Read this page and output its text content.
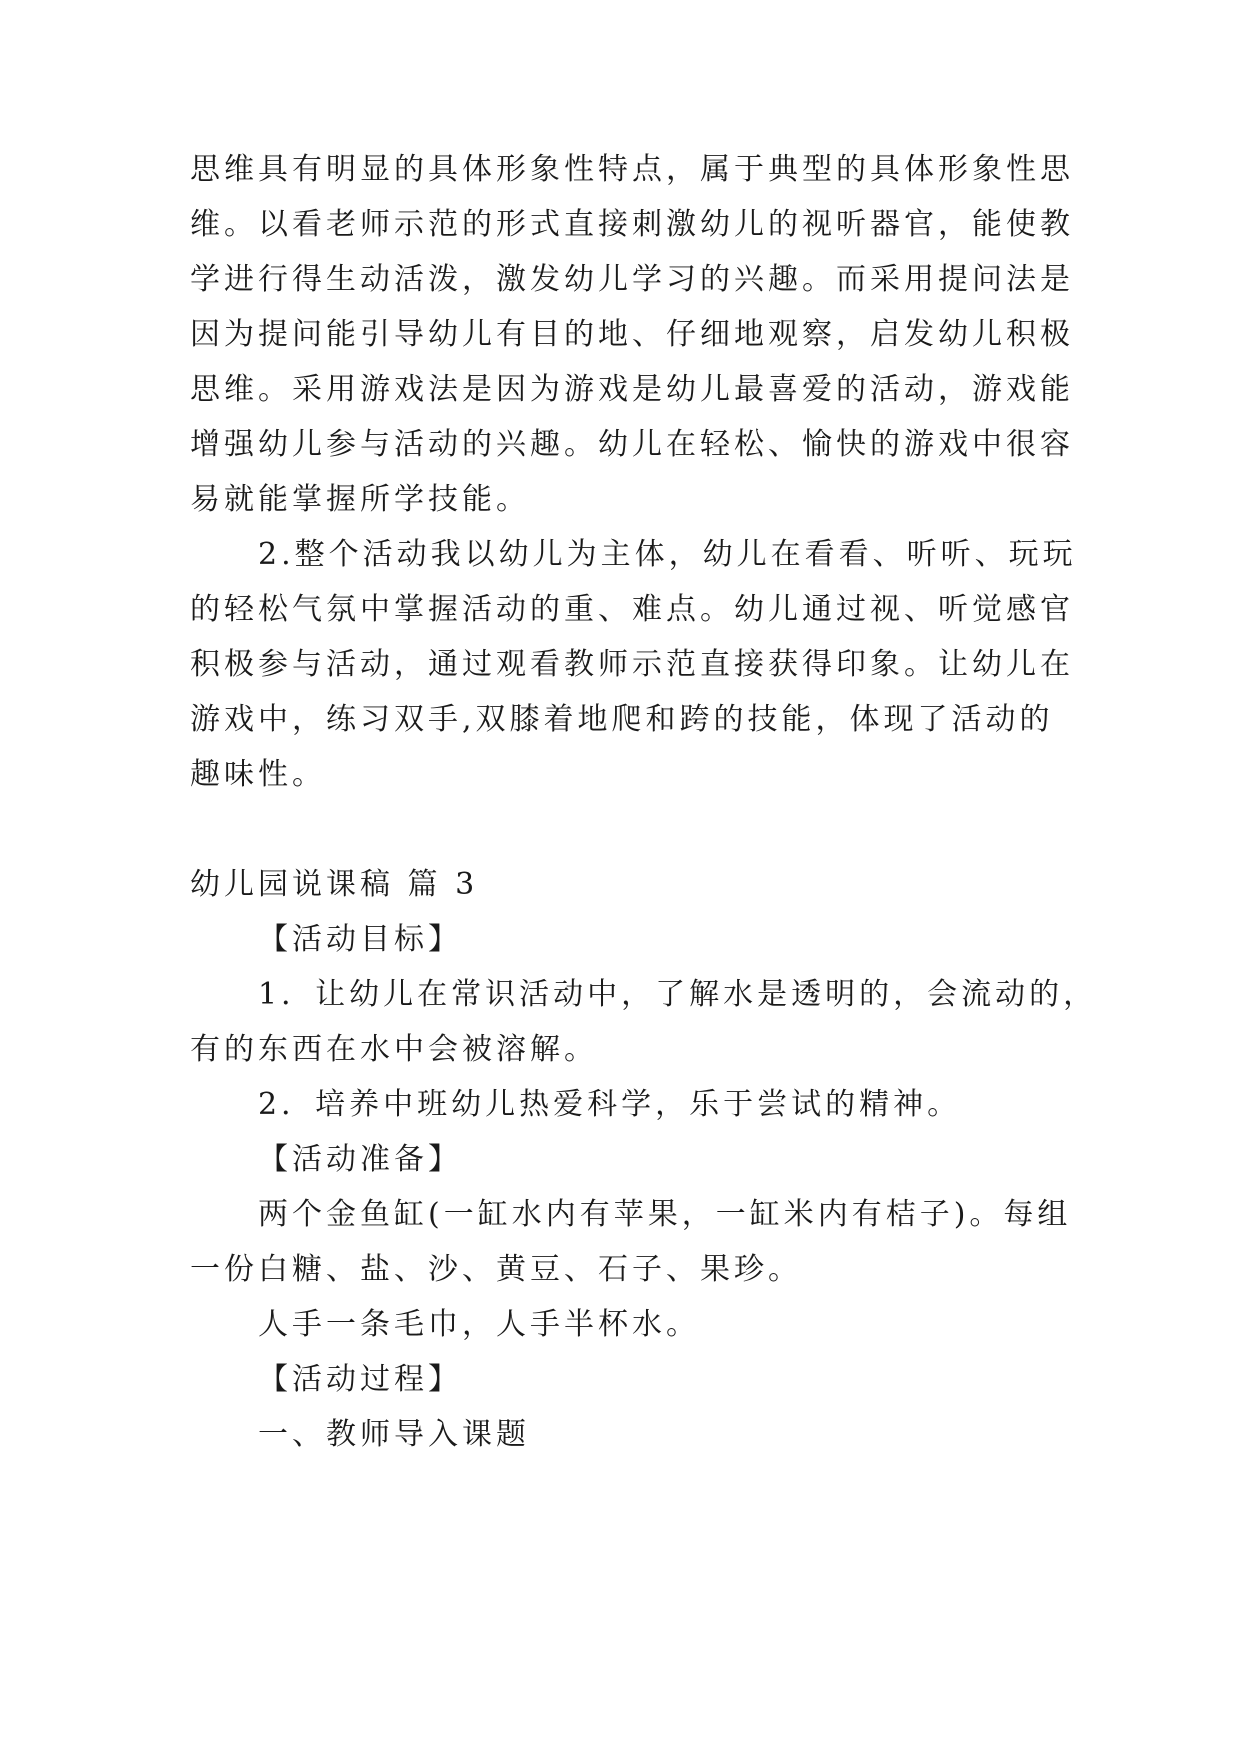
思维具有明显的具体形象性特点，属于典型的具体形象性思
维。以看老师示范的形式直接刺激幼儿的视听器官，能使教
学进行得生动活泼，激发幼儿学习的兴趣。而采用提问法是
因为提问能引导幼儿有目的地、仔细地观察，启发幼儿积极
思维。采用游戏法是因为游戏是幼儿最喜爱的活动，游戏能
增强幼儿参与活动的兴趣。幼儿在轻松、愉快的游戏中很容
易就能掌握所学技能。
2.整个活动我以幼儿为主体，幼儿在看看、听听、玩玩
的轻松气氛中掌握活动的重、难点。幼儿通过视、听觉感官
积极参与活动，通过观看教师示范直接获得印象。让幼儿在
游戏中，练习双手,双膝着地爬和跨的技能，体现了活动的
趣味性。
幼儿园说课稿 篇 3
【活动目标】
1．让幼儿在常识活动中，了解水是透明的，会流动的，
有的东西在水中会被溶解。
2．培养中班幼儿热爱科学，乐于尝试的精神。
【活动准备】
两个金鱼缸(一缸水内有苹果，一缸米内有桔子)。每组
一份白糖、盐、沙、黄豆、石子、果珍。
人手一条毛巾，人手半杯水。
【活动过程】
一、教师导入课题
